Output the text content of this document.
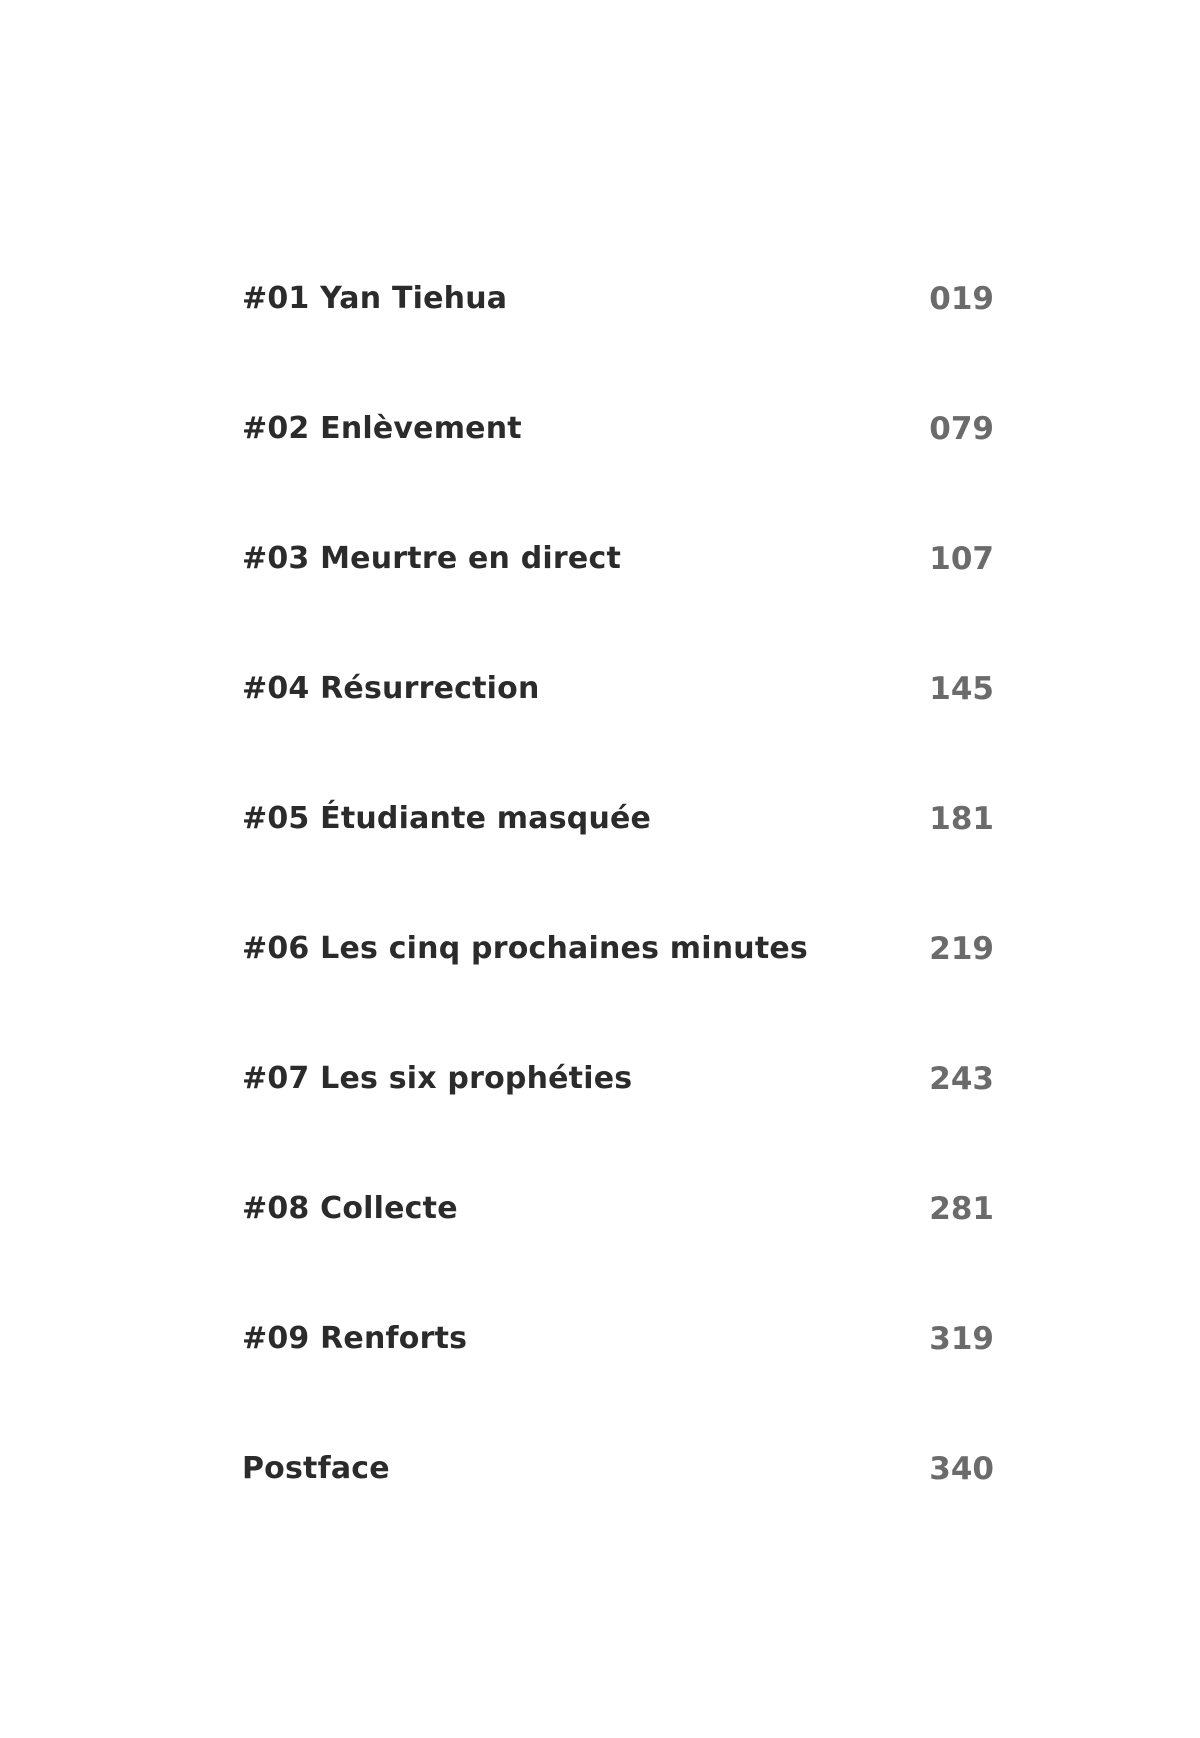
#01 Yan Tiehua	019
#02 Enlèvement	079
#03 Meurtre en direct	107
#04 Résurrection	145
#05 Étudiante masquée	181
#06 Les cinq prochaines minutes	219
#07 Les six prophéties	243
#08 Collecte	281
#09 Renforts	319
Postface	340
